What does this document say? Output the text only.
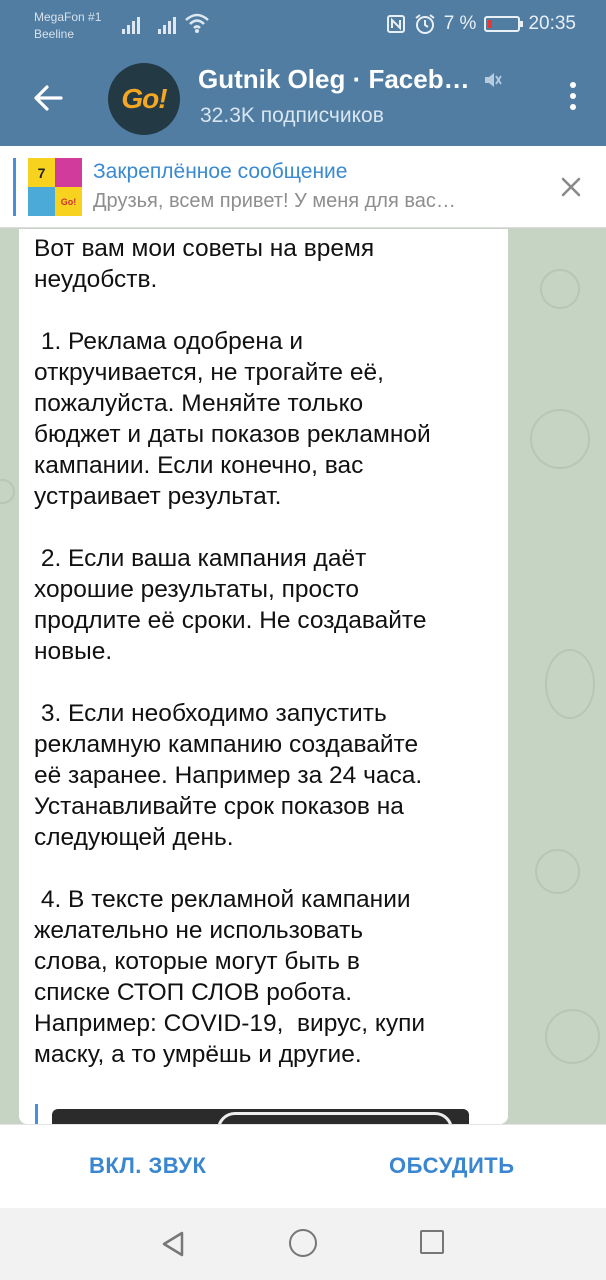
MegaFon #1
Beeline	7 %	20:35
Go!
Gutnik Oleg · Faceb…
32.3K подписчиков
7
Go!
Закреплённое сообщение
Друзья, всем привет! У меня для вас…
Вот вам мои советы на время
неудобств.

1. Реклама одобрена и
откручивается, не трогайте её,
пожалуйста. Меняйте только
бюджет и даты показов рекламной
кампании. Если конечно, вас
устраивает результат.

2. Если ваша кампания даёт
хорошие результаты, просто
продлите её сроки. Не создавайте
новые.

3. Если необходимо запустить
рекламную кампанию создавайте
её заранее. Например за 24 часа.
Устанавливайте срок показов на
следующей день.

4. В тексте рекламной кампании
желательно не использовать
слова, которые могут быть в
списке СТОП СЛОВ робота.
Например: COVID-19,  вирус, купи
маску, а то умрёшь и другие.
ВКЛ. ЗВУК	ОБСУДИТЬ
